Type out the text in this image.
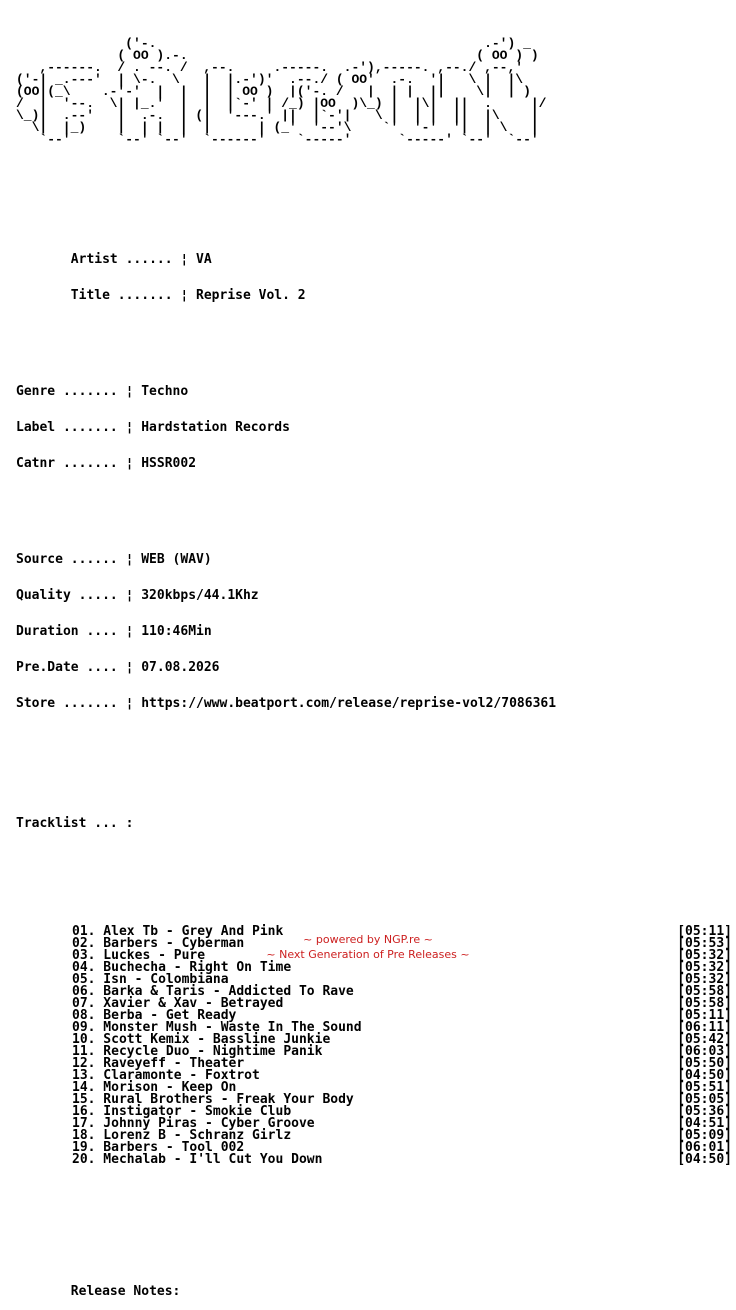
('-.                                          .-') _
( OO ).-.                                     ( OO ) )
,------.  / . --. /  ,--.     .-----.  .-'),-----. ,--./ ,--,'
('-| _.---'  | \-.  \   |  |.-')'  .--./ ( OO'  .-.  '|   \ |  |\
(OO|(_\    .-'-'  |  |  |  | OO )  |('-. /   |  | |  ||    \|  | )
/  |  '--.  \| |_.'  |  |  |`-' | /_) |OO  )\_) |  |\|  ||  .     |/
\_)|  .--'   |  .-.  | (|  '---.' ||  |`-'|   \ |  | |  ||  |\    |
\|  |_)    |  | |  |  |      | (_'  '--'\    `'  '-'  '|  | \   |
`--'      `--' `--'  `------'    `-----'      `-----' `--'  `--'

Artist ...... ¦ VA

Title ....... ¦ Reprise Vol. 2

Genre ....... ¦ Techno

Label ....... ¦ Hardstation Records

Catnr ....... ¦ HSSR002

Source ...... ¦ WEB (WAV)

Quality ..... ¦ 320kbps/44.1Khz

Duration .... ¦ 110:46Min

Pre.Date .... ¦ 07.08.2026

Store ....... ¦ https://www.beatport.com/release/reprise-vol2/7086361

Tracklist ... :

01. Alex Tb - Grey And Pink	[05:11]
02. Barbers - Cyberman	[05:53]
03. Luckes - Pure	[05:32]
04. Buchecha - Right On Time	[05:32]
05. Isn - Colombiana	[05:32]
06. Barka & Taris - Addicted To Rave	[05:58]
07. Xavier & Xav - Betrayed	[05:58]
08. Berba - Get Ready	[05:11]
09. Monster Mush - Waste In The Sound	[06:11]
10. Scott Kemix - Bassline Junkie	[05:42]
11. Recycle Duo - Nightime Panik	[06:03]
12. Raveyeff - Theater	[05:50]
13. Claramonte - Foxtrot	[04:50]
14. Morison - Keep On	[05:51]
15. Rural Brothers - Freak Your Body	[05:05]
16. Instigator - Smokie Club	[05:36]
17. Johnny Piras - Cyber Groove	[04:51]
18. Lorenz B - Schranz Girlz	[05:09]
19. Barbers - Tool 002	[06:01]
20. Mechalab - I'll Cut You Down	[04:50]

Release Notes:

~ powered by NGP.re ~
~ Next Generation of Pre Releases ~
